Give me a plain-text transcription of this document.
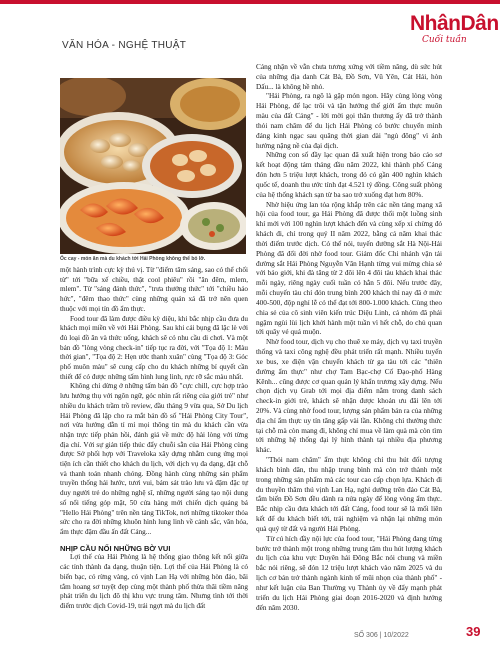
VĂN HÓA - NGHỆ THUẬT
NhânDân
Cuối tuần
Ốc cay - món ăn mà du khách tới Hải Phòng không thể bỏ lỡ.

một hành trình cực kỳ thú vị. Từ "điểm tâm sáng, sao có thể chối từ" tới "bữa xế chiều, thật cool phiêu" rồi "ăn đêm, mlem, mlem". Từ "sáng đánh thức", "trưa thưởng thức" tới "chiều hảo hức", "đêm thao thức" cùng những quán xá đã trở nên quen thuộc với mọi tín đồ ẩm thực.

Food tour đã làm được điều kỳ diệu, khi bắc nhịp cầu đưa du khách mọi miền về với Hải Phòng. Sau khi cải bụng đã lặc lè với đủ loại đồ ăn và thức uống, khách sẽ có nhu cầu di chơi. Và một bản đồ "lòng vòng check-in" tiếp tục ra đời, với "Tọa độ 1: Màu thời gian", "Tọa độ 2: Hẹn ước thanh xuân" cùng "Tọa độ 3: Góc phố muôn màu" sẽ cung cấp cho du khách những bí quyết cần thiết để có được những tấm hình lung linh, rực rỡ sắc màu nhất.

Không chỉ dừng ở những tấm bản đồ "cực chill, cực hợp trào lưu hướng thụ với ngôn ngữ, góc nhìn rất riêng của giới trẻ" như nhiều du khách trầm trồ review, đầu tháng 9 vừa qua, Sở Du lịch Hải Phòng đã lập cho ra mắt bản đồ số "Hải Phòng City Tour", nơi vừa hướng dẫn tỉ mỉ mọi thông tin mà du khách cần vừa nhận trực tiếp phản hồi, đánh giá về mức độ hài lòng với từng địa chỉ. Với sự giản tiếp thúc đẩy chuỗi sẵn của Hải Phòng cùng được Sở phối hợp với Traveloka xây dựng nhằm cung ứng mọi tiện ích cần thiết cho khách du lịch, với dịch vụ đa dạng, đặt chỗ và thanh toán nhanh chóng. Đồng hành cùng những sản phẩm truyền thống hải hước, tươi vui, bám sát trào lưu và đậm đặc tự duy người trẻ do những nghệ sĩ, những người sáng tạo nội dung số nổi tiếng góp mặt, 50 cửa hàng mới chiến dịch quảng bá "Hello Hải Phòng" trên nền tảng TikTok, nơi những tiktoker thỏa sức cho ra đời những khuôn hình lung linh về cảnh sắc, văn hóa, ẩm thực đậm đầu ấn đất Cảng...

NHỊP CẦU NỐI NHỮNG BỜ VUI

Lợi thế của Hải Phòng là hệ thống giao thông kết nối giữa các tỉnh thành đa dạng, thuận tiện. Lợi thế của Hải Phòng là có biển bạc, có rừng vàng, có vịnh Lan Hạ với những hòn đảo, bãi tắm hoang sơ tuyệt đẹp cùng một thành phố thừa thãi tiềm năng phát triển du lịch đô thị khu vực trung tâm. Nhưng tình tới thời điểm trước dịch Covid-19, trải ngợt mà du lịch đất

Cảng nhận về vẫn chưa tương xứng với tiềm năng, dù sức hút của những địa danh Cát Bà, Đồ Sơn, Vũ Yên, Cát Hải, hòn Dấu... là không hề nhỏ.

"Hải Phòng, ra ngõ là gặp món ngon. Hãy cùng lòng vòng Hải Phòng, để lạc trôi và tận hưởng thế giới ẩm thực muôn màu của đất Cảng" - lời mời gọi thân thương ấy đã trở thành thỏi nam châm để du lịch Hải Phòng có bước chuyển mình đáng kinh ngạc sau quãng thời gian dài "ngủ đông" vì ảnh hưởng nặng nề của đại dịch.

Những con số đầy lạc quan đã xuất hiện trong báo cáo sơ kết hoạt động tám tháng đầu năm 2022, khi thành phố Cảng đón hơn 5 triệu lượt khách, trong đó có gần 400 nghìn khách quốc tế, doanh thu ước tính đạt 4.521 tỷ đồng. Công suất phòng của hệ thống khách sạn từ ba sao trở xuống đạt hơn 80%.

Nhờ hiệu ứng lan tỏa rộng khắp trên các nền tảng mạng xã hội của food tour, ga Hải Phòng đã được thổi một luồng sinh khí mới với 100 nghìn lượt khách đến và cùng xếp xỉ chừng đó khách đi, chỉ trong quý II năm 2022, bằng cả năm khai thác thời điểm trước dịch. Có thể nói, tuyến đường sắt Hà Nội-Hải Phòng đã đổi đời nhờ food tour. Giám đốc Chi nhánh vận tải đường sắt Hải Phòng Nguyễn Văn Hạnh từng vui mừng chia sẻ với báo giới, khi đà tăng từ 2 đôi lên 4 đôi tàu khách khai thác mỗi ngày, riêng ngày cuối tuần có hẳn 5 đôi. Nếu trước đây, mỗi chuyến tàu chỉ đón trung bình 200 khách thì nay đã ở mức 400-500, độp nghỉ lễ có thể đạt tới 800-1.000 khách. Cùng theo chia sẻ của cô sinh viên kiến trúc Diệu Linh, cả nhóm đã phải ngậm ngùi lùi lịch khởi hành một tuần vì hết chỗ, do chủ quan tới quây vé quá muộn.

Nhờ food tour, dịch vụ cho thuê xe máy, dịch vụ taxi truyền thống và taxi công nghệ đều phát triển rất mạnh. Nhiều tuyến xe bus, xe điện vận chuyển khách từ ga tàu tới các "thiên đường ẩm thực" như chợ Tam Bạc-chợ Cố Đạo-phố Hàng Kênh... cũng được cơ quan quản lý khẩn trương xây dựng. Nếu chọn dịch vụ Grab tới mọi địa điểm nằm trong danh sách check-in giới trẻ, khách sẽ nhận được khoản ưu đãi lên tới 20%. Và cùng nhờ food tour, lượng sản phẩm bán ra của những địa chỉ ẩm thực uy tín tăng gấp vài lần. Không chỉ thường thức tại chỗ mà còn mang đi, không chỉ mua về làm quà mà còn tìm tới những hệ thống đại lý hình thành tại nhiều địa phương khác.

"Thỏi nam châm" ẩm thực không chỉ thu hút đối tượng khách bình dân, thu nhập trung bình mà còn trở thành một trong những sản phẩm mà các tour cao cấp chọn lựa. Khách đi du thuyền thăm thú vịnh Lan Hạ, nghỉ dưỡng trên đảo Cát Bà, tắm biển Đồ Sơn đều dành ra nửa ngày để lòng vòng ẩm thực. Bắc nhịp cầu đưa khách tới đất Cảng, food tour sẽ là mối liên kết để du khách biết tới, trải nghiệm và nhận lại những món quà quý từ đất và người Hải Phòng.

Từ cú hích đầy nội lực của food tour, "Hải Phòng đang từng bước trở thành một trong những trung tâm thu hút lượng khách du lịch của khu vực Duyên hải Đông Bắc nói chung và miền bắc nói riêng, sẽ đón 12 triệu lượt khách vào năm 2025 và du lịch cơ bản trở thành ngành kinh tế mũi nhọn của thành phố" - như kết luận của Ban Thường vụ Thành ủy về đẩy mạnh phát triển du lịch Hải Phòng giai đoạn 2016-2020 và định hướng đến năm 2030.

SỐ 306 | 10/2022	39
